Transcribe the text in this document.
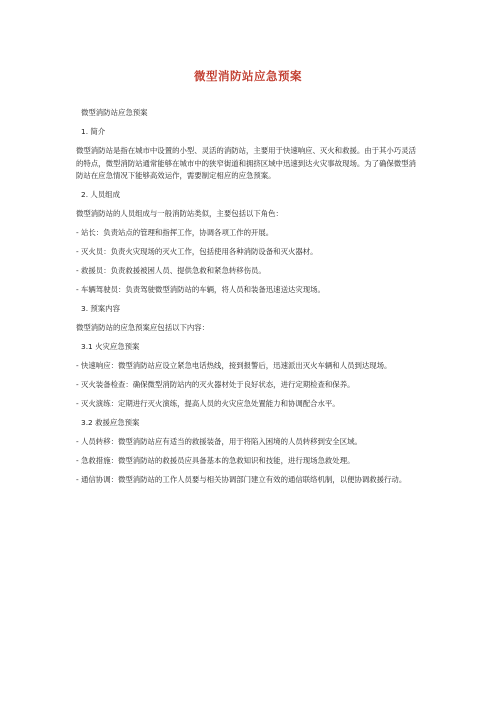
微型消防站应急预案

微型消防站应急预案

1. 简介

微型消防站是指在城市中设置的小型、灵活的消防站，主要用于快速响应、灭火和救援。由于其小巧灵活的特点，微型消防站通常能够在城市中的狭窄街道和拥挤区域中迅速到达火灾事故现场。为了确保微型消防站在应急情况下能够高效运作，需要制定相应的应急预案。

2. 人员组成

微型消防站的人员组成与一般消防站类似，主要包括以下角色：

- 站长：负责站点的管理和指挥工作，协调各项工作的开展。

- 灭火员：负责火灾现场的灭火工作，包括使用各种消防设备和灭火器材。

- 救援员：负责救援被困人员、提供急救和紧急转移伤员。

- 车辆驾驶员：负责驾驶微型消防站的车辆，将人员和装备迅速送达灾现场。

3. 预案内容

微型消防站的应急预案应包括以下内容：

3.1 火灾应急预案

- 快速响应：微型消防站应设立紧急电话热线，接到报警后，迅速派出灭火车辆和人员到达现场。

- 灭火装备检查：确保微型消防站内的灭火器材处于良好状态，进行定期检查和保养。

- 灭火演练：定期进行灭火演练，提高人员的火灾应急处置能力和协调配合水平。

3.2 救援应急预案

- 人员转移：微型消防站应有适当的救援装备，用于将陷入困境的人员转移到安全区域。

- 急救措施：微型消防站的救援员应具备基本的急救知识和技能，进行现场急救处理。

- 通信协调：微型消防站的工作人员要与相关协调部门建立有效的通信联络机制，以便协调救援行动。
